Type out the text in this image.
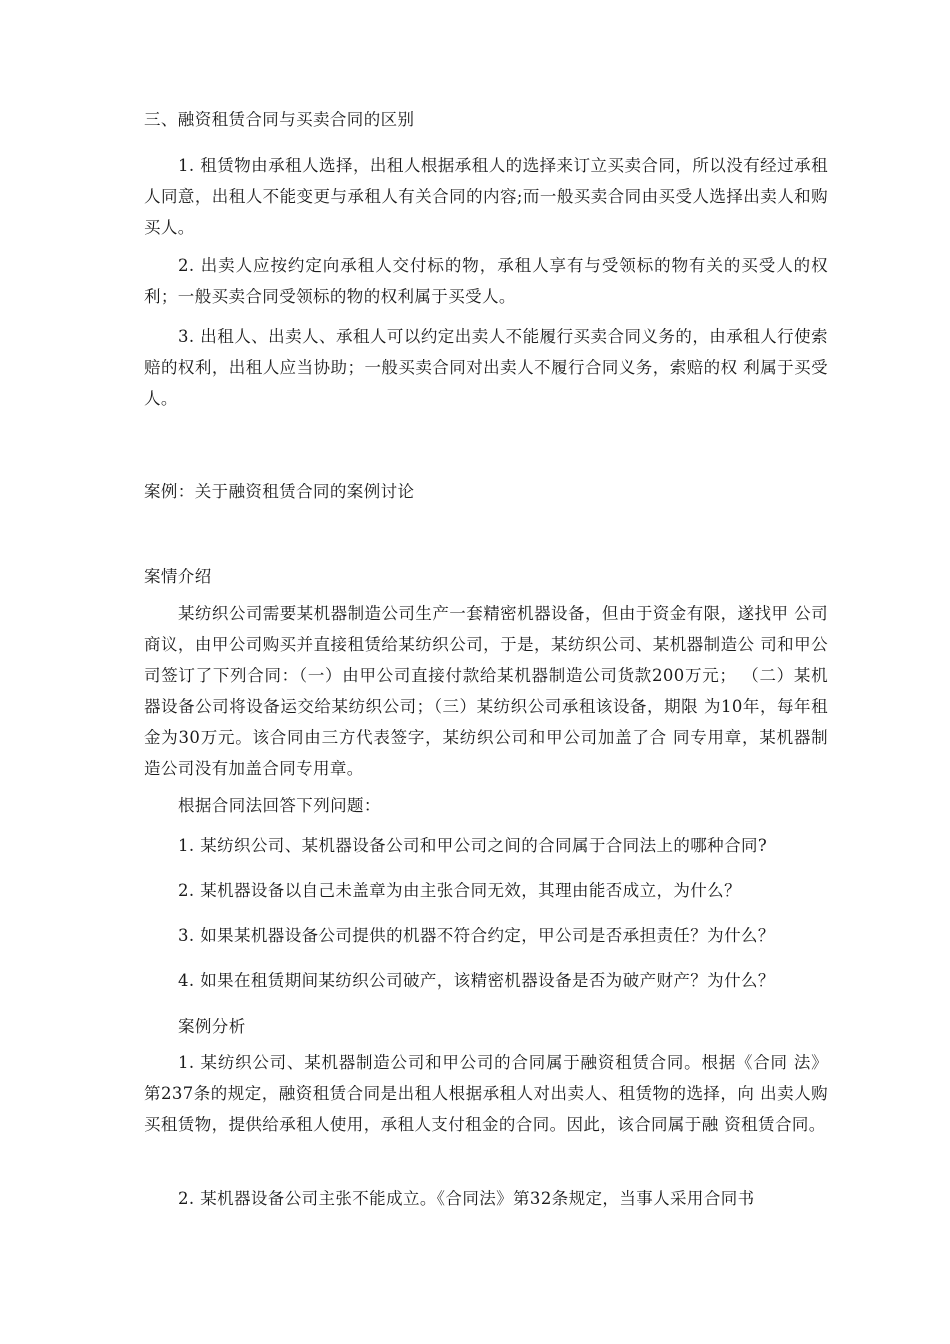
三、融资租赁合同与买卖合同的区别

1. 租赁物由承租人选择，出租人根据承租人的选择来订立买卖合同，所以没有经过承租人同意，出租人不能变更与承租人有关合同的内容;而一般买卖合同由买受人选择出卖人和购买人。

2. 出卖人应按约定向承租人交付标的物，承租人享有与受领标的物有关的买受人的权利；一般买卖合同受领标的物的权利属于买受人。

3. 出租人、出卖人、承租人可以约定出卖人不能履行买卖合同义务的，由承租人行使索赔的权利，出租人应当协助；一般买卖合同对出卖人不履行合同义务，索赔的权 利属于买受人。

案例：关于融资租赁合同的案例讨论

案情介绍

某纺织公司需要某机器制造公司生产一套精密机器设备，但由于资金有限，遂找甲 公司商议，由甲公司购买并直接租赁给某纺织公司，于是，某纺织公司、某机器制造公 司和甲公司签订了下列合同：（一）由甲公司直接付款给某机器制造公司货款200万元； （二）某机器设备公司将设备运交给某纺织公司；（三）某纺织公司承租该设备，期限 为10年，每年租金为30万元。该合同由三方代表签字，某纺织公司和甲公司加盖了合 同专用章，某机器制造公司没有加盖合同专用章。

根据合同法回答下列问题：

1. 某纺织公司、某机器设备公司和甲公司之间的合同属于合同法上的哪种合同?

2. 某机器设备以自己未盖章为由主张合同无效，其理由能否成立，为什么？

3. 如果某机器设备公司提供的机器不符合约定，甲公司是否承担责任？为什么？

4. 如果在租赁期间某纺织公司破产，该精密机器设备是否为破产财产？为什么？

案例分析

1. 某纺织公司、某机器制造公司和甲公司的合同属于融资租赁合同。根据《合同 法》第237条的规定，融资租赁合同是出租人根据承租人对出卖人、租赁物的选择，向 出卖人购买租赁物，提供给承租人使用，承租人支付租金的合同。因此，该合同属于融 资租赁合同。

2. 某机器设备公司主张不能成立。《合同法》第32条规定，当事人采用合同书
